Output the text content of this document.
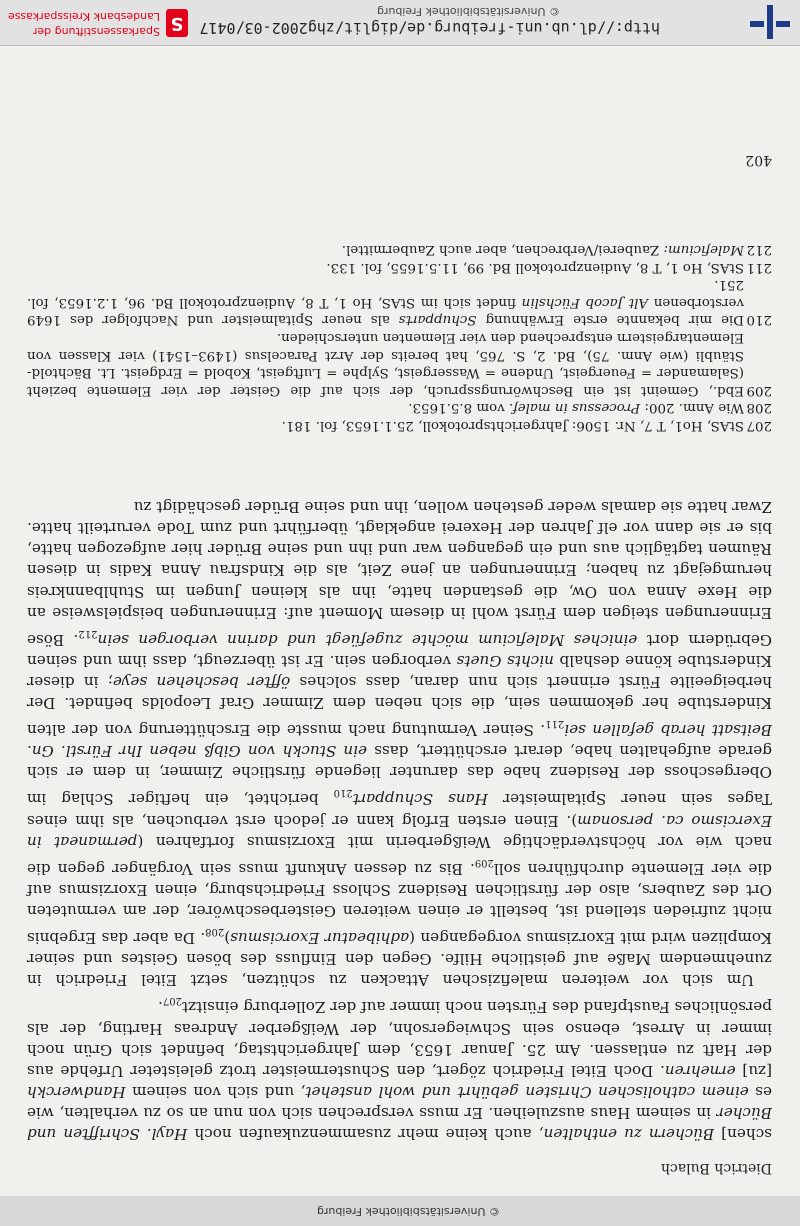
© Universitätsbibliothek Freiburg
Dietrich Bulach

schen] Büchern zu enthalten, auch keine mehr zusammenzukaufen noch Hayl. Schrifften und Bücher in seinem Haus auszuleihen. Er muss versprechen sich von nun an so zu verhalten, wie es einem catholischen Christen gebührt und wohl anstehet, und sich von seinem Handwerckh [zu] ernehren. Doch Eitel Friedrich zögert, den Schustermeister trotz geleisteter Urfehde aus der Haft zu entlassen. Am 25. Januar 1653, dem Jahrgerichtstag, befindet sich Grün noch immer in Arrest, ebenso sein Schwiegersohn, der Weißgerber Andreas Harting, der als persönliches Faustpfand des Fürsten noch immer auf der Zollerburg einsitzt$_{207}$.

Um sich vor weiteren malefizischen Attacken zu schützen, setzt Eitel Friedrich in zunehmendem Maße auf geistliche Hilfe. Gegen den Einfluss des bösen Geistes und seiner Komplizen wird mit Exorzismus vorgegangen (adhibeatur $Exorcismus)_{208}$. Da aber das Ergebnis nicht zufrieden stellend ist, bestellt er einen weiteren Geisterbeschwörer, der am vermuteten Ort des Zaubers, also der fürstlichen Residenz Schloss Friedrichsburg, einen Exorzismus auf die vier Elemente durchführen soll$_{209}$. Bis zu dessen Ankunft muss sein Vorgänger gegen die nach wie vor höchstverdächtige Weißgerberin mit Exorzismus fortfahren (permaneat in Exercismo ca. personam). Einen ersten Erfolg kann er jedoch erst verbuchen, als ihm eines Tages sein neuer Spitalmeister Hans Schuppart$_{210}$ berichtet, ein heftiger Schlag im Obergeschoss der Residenz habe das darunter liegende fürstliche Zimmer, in dem er sich gerade aufgehalten habe, derart erschüttert, dass ein Stuckh von Gibß neben Ihr Fürstl. Gn. Beitsatt herab gefallen sei$_{211}$. Seiner Vermutung nach musste die Erschütterung von der alten Kinderstube her gekommen sein, die sich neben dem Zimmer Graf Leopolds befindet. Der herbeigeeilte Fürst erinnert sich nun daran, dass solches öffter beschehen seye; in dieser Kinderstube könne deshalb nichts Guets verborgen sein. Er ist überzeugt, dass ihm und seinen Gebrüdern dort einiches Maleficium möchte zugefüegt und darinn verborgen sein$_{212}$. Böse Erinnerungen steigen dem Fürst wohl in diesem Moment auf: Erinnerungen beispielsweise an die Hexe Anna von Ow, die gestanden hatte, ihn als kleinen Jungen im Stuhlbannkreis herumgejagt zu haben; Erinnerungen an jene Zeit, als die Kindsfrau Anna Kadis in diesen Räumen tagtäglich aus und ein gegangen war und ihn und seine Brüder hier aufgezogen hatte, bis er sie dann vor elf Jahren der Hexerei angeklagt, überführt und zum Tode verurteilt hatte. Zwar hatte sie damals weder gestehen wollen, ihn und seine Brüder geschädigt zu

207StAS, Ho1, T 7, Nr. 1506: Jahrgerichtsprotokoll, 25.1.1653, fol. 181.

208Wie Anm. 200: Processus in malef. vom 8.5.1653.

209Ebd., Gemeint ist ein Beschwörungsspruch, der sich auf die Geister der vier Elemente bezieht (Salamander = Feuergeist, Undene = Wassergeist, Sylphe = Luftgeist, Kobold = Erdgeist. Lt. Bächtold-Stäubli (wie Anm. 75), Bd. 2, S. 765, hat bereits der Arzt Paracelsus (1493–1541) vier Klassen von Elementargeistern entsprechend den vier Elementen unterschieden.

210Die mir bekannte erste Erwähnung Schupparts als neuer Spitalmeister und Nachfolger des 1649 verstorbenen Alt Jacob Füchslin findet sich im StAS, Ho 1, T 8, Audienzprotokoll Bd. 96, 1.2.1653, fol. 251.

211StAS, Ho 1, T 8, Audienzprotokoll Bd. 99, 11.5.1655, fol. 133.

212Maleficium: Zauberei/Verbrechen, aber auch Zaubermittel.

402
http://dl.ub.uni-freiburg.de/diglit/zhg2002-03/0417
© Universitätsbibliothek Freiburg
S
Sparkassenstiftung der
Landesbank Kreissparkasse
